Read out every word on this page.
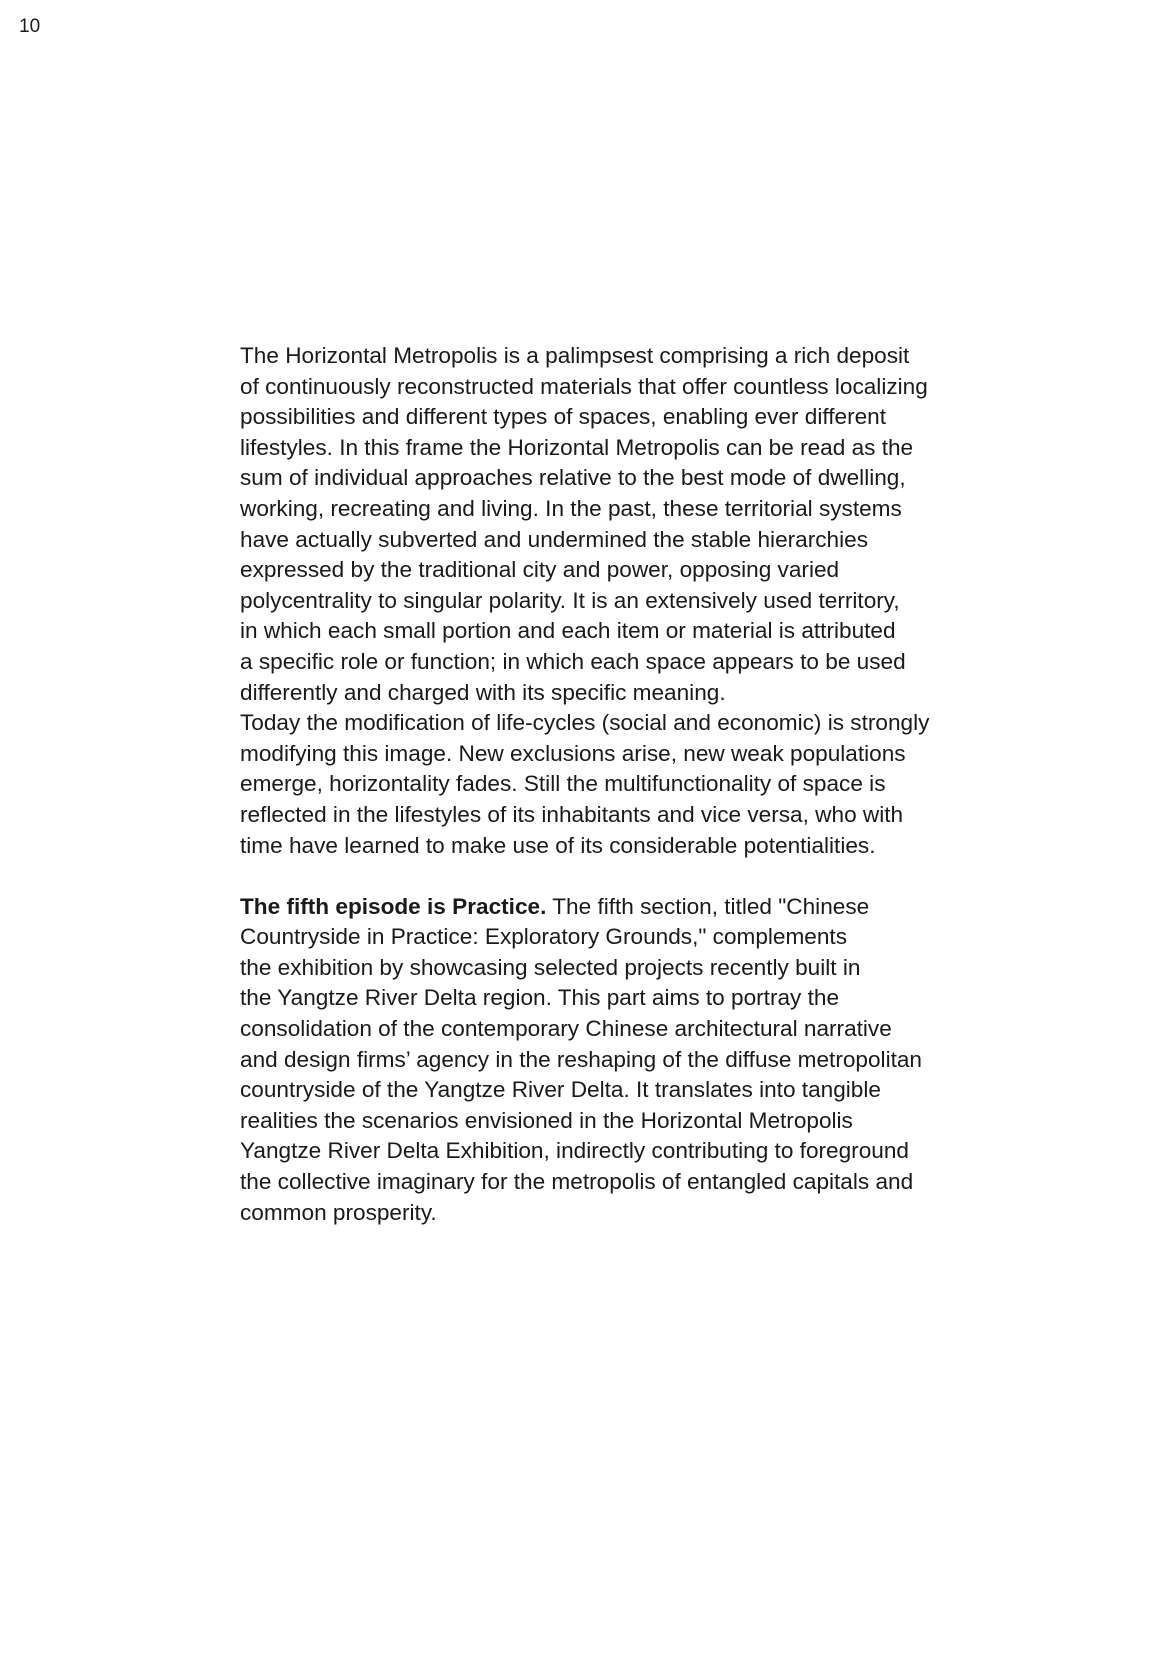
10

The Horizontal Metropolis is a palimpsest comprising a rich deposit
of continuously reconstructed materials that offer countless localizing
possibilities and different types of spaces, enabling ever different
lifestyles. In this frame the Horizontal Metropolis can be read as the
sum of individual approaches relative to the best mode of dwelling,
working, recreating and living. In the past, these territorial systems
have actually subverted and undermined the stable hierarchies
expressed by the traditional city and power, opposing varied
polycentrality to singular polarity. It is an extensively used territory,
in which each small portion and each item or material is attributed
a specific role or function; in which each space appears to be used
differently and charged with its specific meaning.
Today the modification of life-cycles (social and economic) is strongly
modifying this image. New exclusions arise, new weak populations
emerge, horizontality fades. Still the multifunctionality of space is
reflected in the lifestyles of its inhabitants and vice versa, who with
time have learned to make use of its considerable potentialities.

The fifth episode is Practice. The fifth section, titled "Chinese
Countryside in Practice: Exploratory Grounds," complements
the exhibition by showcasing selected projects recently built in
the Yangtze River Delta region. This part aims to portray the
consolidation of the contemporary Chinese architectural narrative
and design firms’ agency in the reshaping of the diffuse metropolitan
countryside of the Yangtze River Delta. It translates into tangible
realities the scenarios envisioned in the Horizontal Metropolis
Yangtze River Delta Exhibition, indirectly contributing to foreground
the collective imaginary for the metropolis of entangled capitals and
common prosperity.
